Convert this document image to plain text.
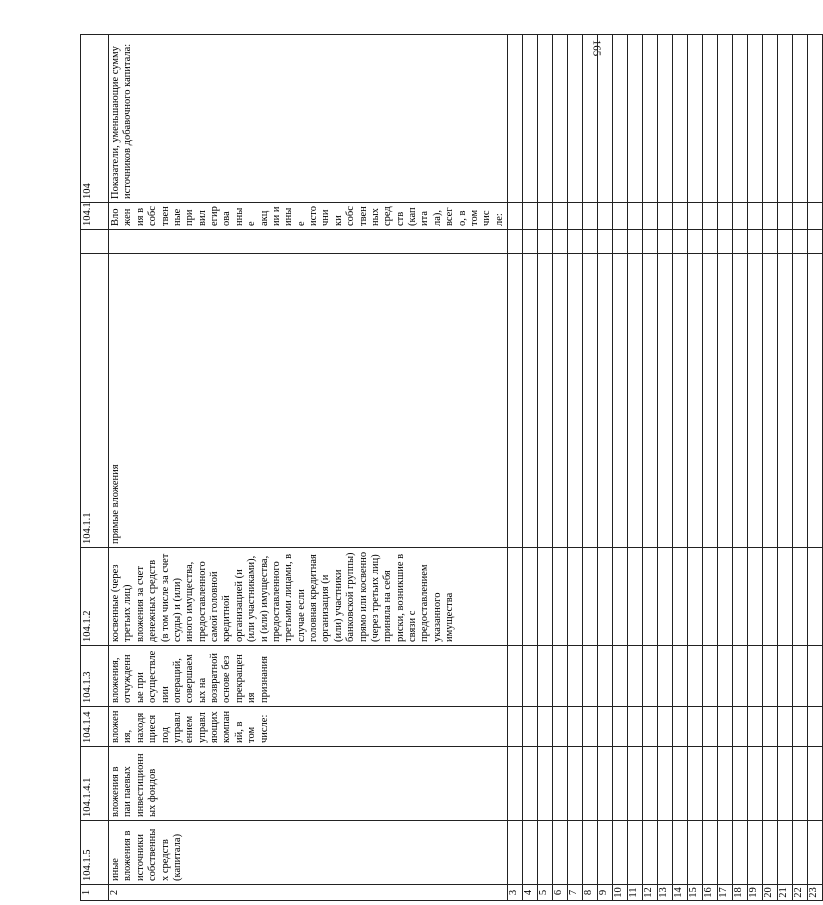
165
1	104.1.5	104.1.4.1	104.1.4	104.1.3	104.1.2	104.1.1		104.1	104
2	иные вложения в источники собственных средств (капитала)	вложения в паи паевых инвестиционных фондов	вложения, находящиеся под управлением управляющих компаний, в том числе:	вложения, отчужденные при осуществлении операций, совершаемых на возвратной основе без прекращения признания	косвенные (через третьих лиц) вложения за счет денежных средств (в том числе за счет ссуды) и (или) иного имущества, предоставленного самой головной кредитной организацией (и (или участниками), и (или) имущества, предоставленного третьими лицами, в случае если головная кредитная организация (и (или) участники банковской группы) прямо или косвенно (через третьих лиц) приняла на себя риски, возникшие в связи с предоставлением указанного имущества	прямые вложения		Вложения в собственные привилегированные акции и иные источники собственных средств (капитала), всего, в том числе:	Показатели, уменьшающие сумму источников добавочного капитала:
3									
4									
5									
6									
7									
8									
9									
10									
11									
12									
13									
14									
15									
16									
17									
18									
19									
20									
21									
22									
23									
